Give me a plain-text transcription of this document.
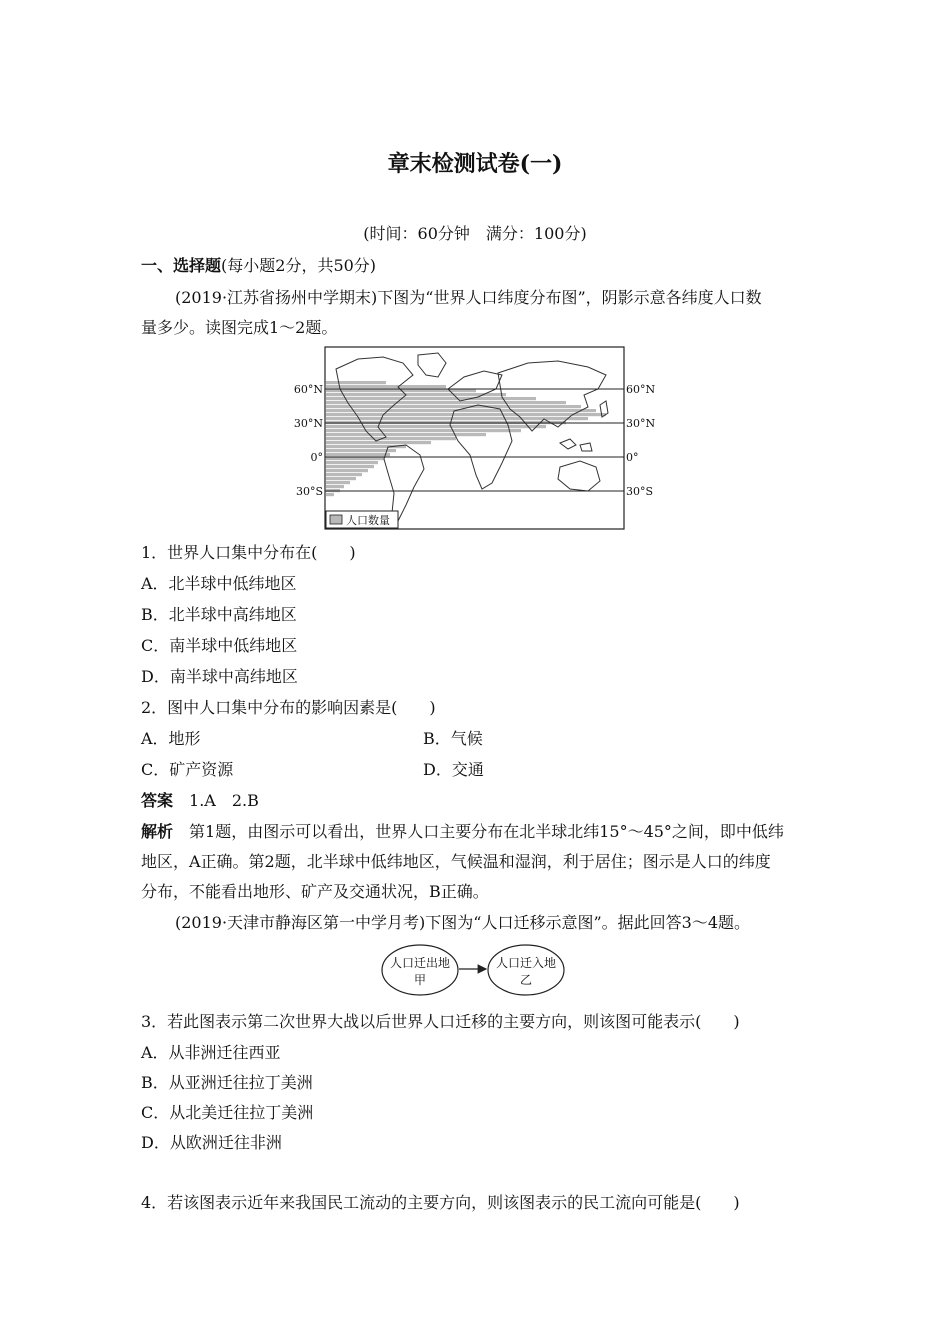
章末检测试卷(一)
(时间：60分钟　满分：100分)
一、选择题(每小题2分，共50分)
(2019·江苏省扬州中学期末)下图为“世界人口纬度分布图”，阴影示意各纬度人口数
量多少。读图完成1～2题。
60°N
30°N
0°
30°S
60°N
30°N
0°
30°S
人口数量
1．世界人口集中分布在(　　)
A．北半球中低纬地区
B．北半球中高纬地区
C．南半球中低纬地区
D．南半球中高纬地区
2．图中人口集中分布的影响因素是(　　)
A．地形	B．气候
C．矿产资源	D．交通
答案　 1.A　2.B
解析　 第1题，由图示可以看出，世界人口主要分布在北半球北纬15°～45°之间，即中低纬
地区，A正确。第2题，北半球中低纬地区，气候温和湿润，利于居住；图示是人口的纬度
分布，不能看出地形、矿产及交通状况，B正确。
(2019·天津市静海区第一中学月考)下图为“人口迁移示意图”。据此回答3～4题。
人口迁出地
甲
人口迁入地
乙
3．若此图表示第二次世界大战以后世界人口迁移的主要方向，则该图可能表示(　　)
A．从非洲迁往西亚
B．从亚洲迁往拉丁美洲
C．从北美迁往拉丁美洲
D．从欧洲迁往非洲
4．若该图表示近年来我国民工流动的主要方向，则该图表示的民工流向可能是(　　)
